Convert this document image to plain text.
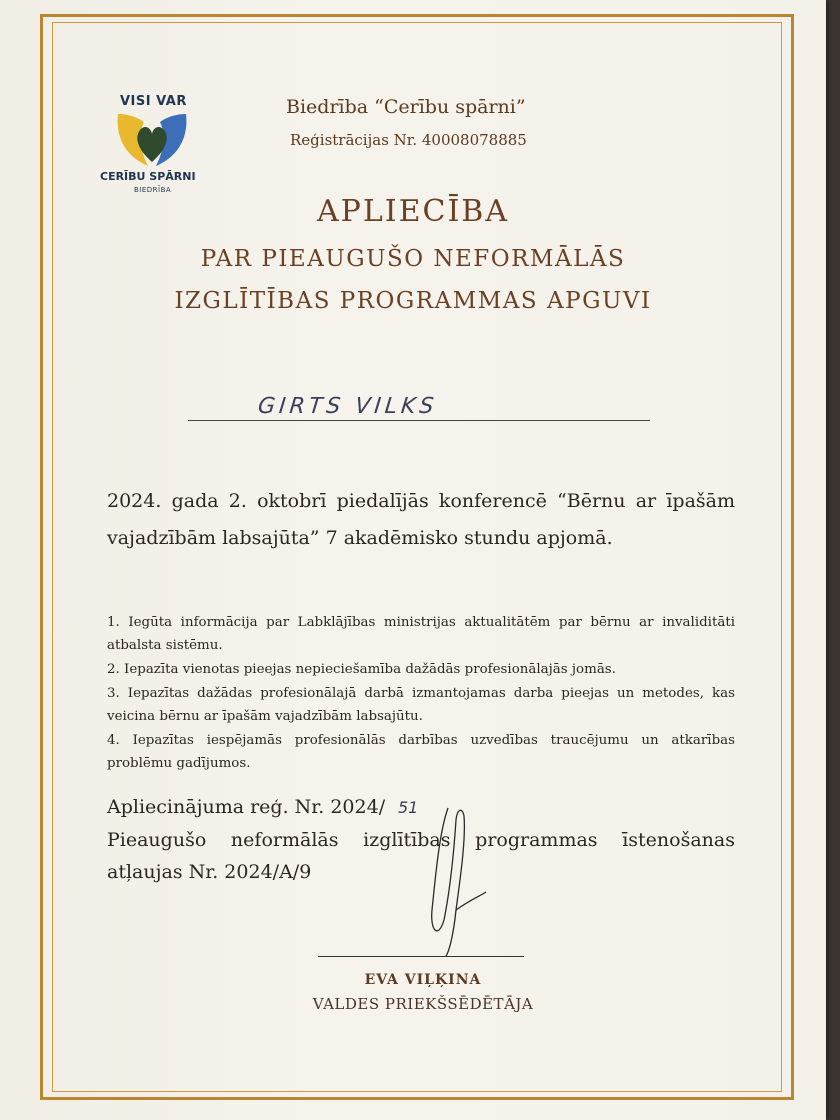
VISI VAR
CERĪBU SPĀRNI
BIEDRĪBA
Biedrība “Cerību spārni”
Reģistrācijas Nr. 40008078885
APLIECĪBA
PAR PIEAUGUŠO NEFORMĀLĀS
IZGLĪTĪBAS PROGRAMMAS APGUVI
GIRTS VILKS
2024. gada 2. oktobrī piedalījās konferencē “Bērnu ar īpašām vajadzībām labsajūta” 7 akadēmisko stundu apjomā.

1. Iegūta informācija par Labklājības ministrijas aktualitātēm par bērnu ar invaliditāti atbalsta sistēmu.

2. Iepazīta vienotas pieejas nepieciešamība dažādās profesionālajās jomās.

3. Iepazītas dažādas profesionālajā darbā izmantojamas darba pieejas un metodes, kas veicina bērnu ar īpašām vajadzībām labsajūtu.

4. Iepazītas iespējamās profesionālās darbības uzvedības traucējumu un atkarības problēmu gadījumos.

Apliecinājuma reģ. Nr. 2024/ 51
Pieaugušo neformālās izglītības programmas īstenošanas atļaujas Nr. 2024/A/9
EVA VIĻĶINA
VALDES PRIEKŠSĒDĒTĀJA
